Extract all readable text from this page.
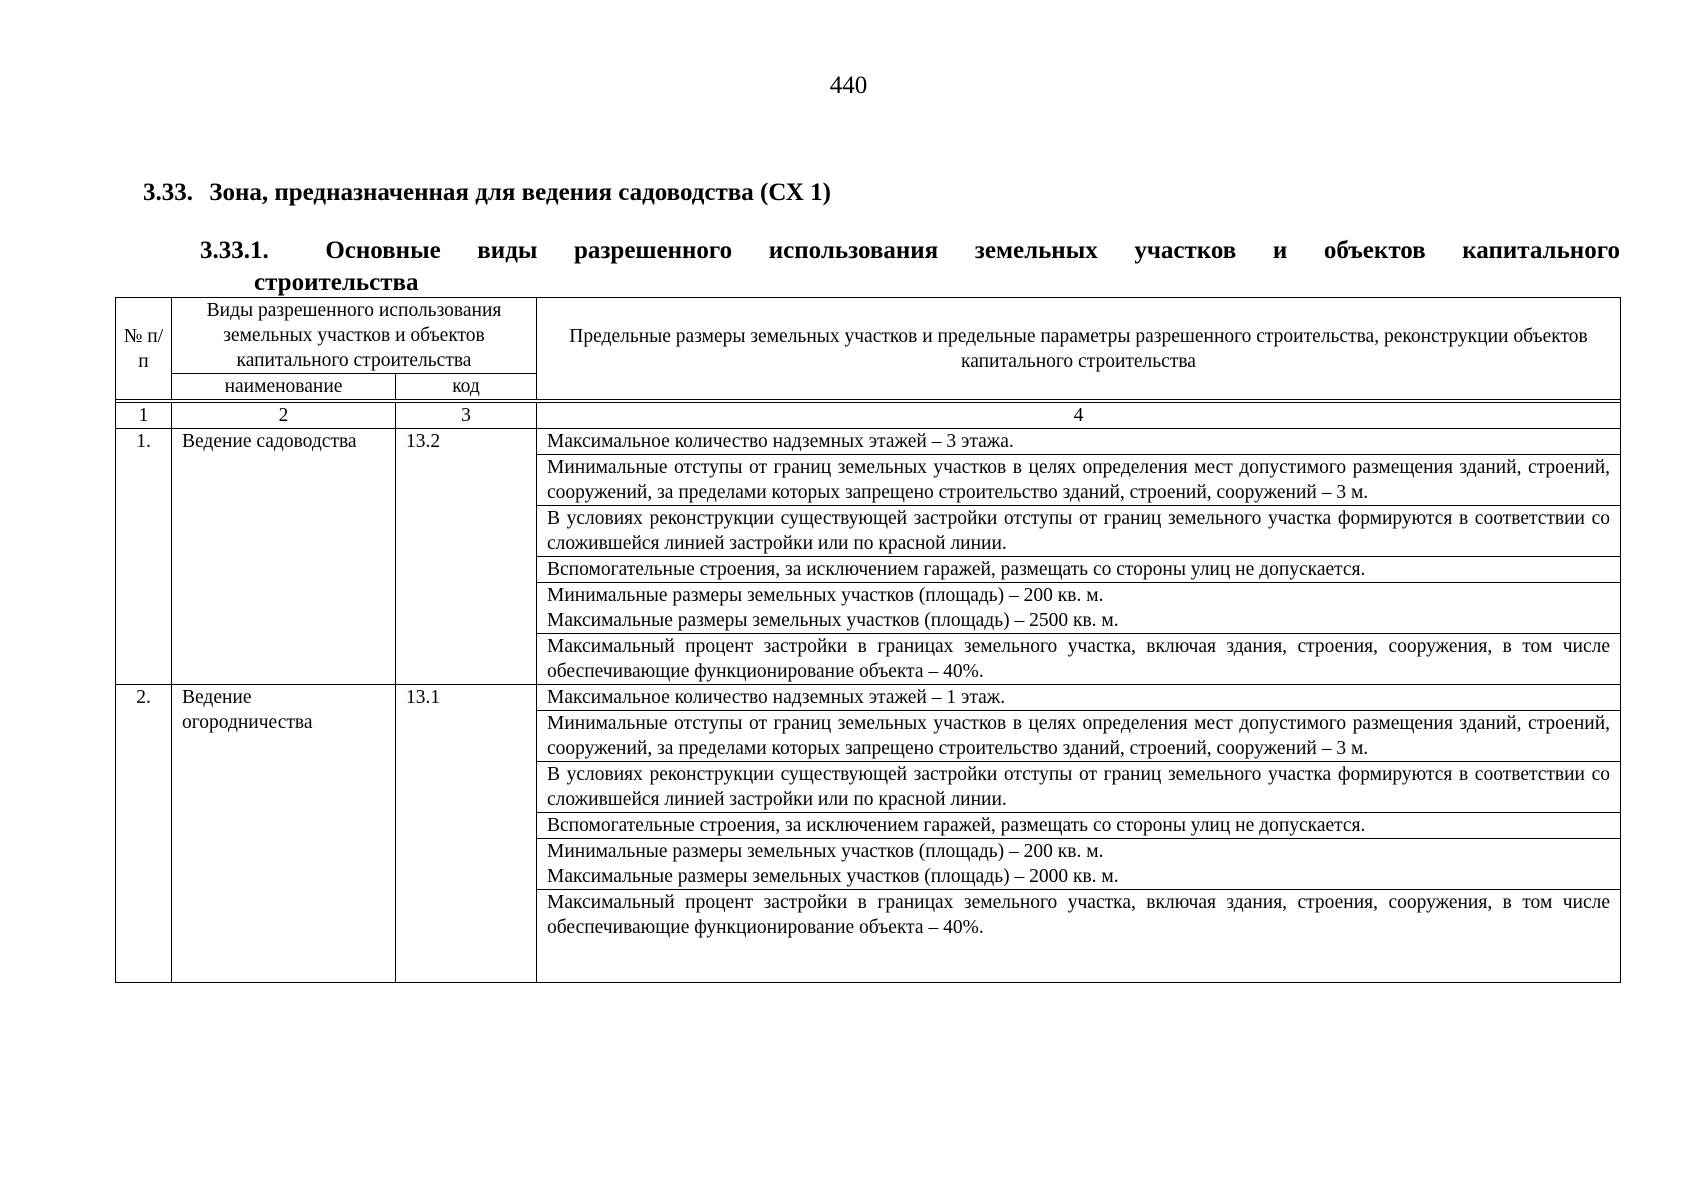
440
3.33. Зона, предназначенная для ведения садоводства (СХ 1)
3.33.1. Основные виды разрешенного использования земельных участков и объектов капитального
строительства
№ п/п	Виды разрешенного использования земельных участков и объектов капитального строительства		Предельные размеры земельных участков и предельные параметры разрешенного строительства, реконструкции объектов капитального строительства
	наименование	код	

1	2	3	4
1.	Ведение садоводства	13.2	Максимальное количество надземных этажей – 3 этажа.
			Минимальные отступы от границ земельных участков в целях определения мест допустимого размещения зданий, строений, сооружений, за пределами которых запрещено строительство зданий, строений, сооружений – 3 м.
			В условиях реконструкции существующей застройки отступы от границ земельного участка формируются в соответствии со сложившейся линией застройки или по красной линии.
			Вспомогательные строения, за исключением гаражей, размещать со стороны улиц не допускается.

			Минимальные размеры земельных участков (площадь) – 200 кв. м.
Максимальные размеры земельных участков (площадь) – 2500 кв. м.

			Максимальный процент застройки в границах земельного участка, включая здания, строения, сооружения, в том числе обеспечивающие функционирование объекта – 40%.
2.	Ведение огородничества	13.1	Максимальное количество надземных этажей – 1 этаж.
			Минимальные отступы от границ земельных участков в целях определения мест допустимого размещения зданий, строений, сооружений, за пределами которых запрещено строительство зданий, строений, сооружений – 3 м.
			В условиях реконструкции существующей застройки отступы от границ земельного участка формируются в соответствии со сложившейся линией застройки или по красной линии.
			Вспомогательные строения, за исключением гаражей, размещать со стороны улиц не допускается.

			Минимальные размеры земельных участков (площадь) – 200 кв. м.
Максимальные размеры земельных участков (площадь) – 2000 кв. м.

			Максимальный процент застройки в границах земельного участка, включая здания, строения, сооружения, в том числе обеспечивающие функционирование объекта – 40%.
